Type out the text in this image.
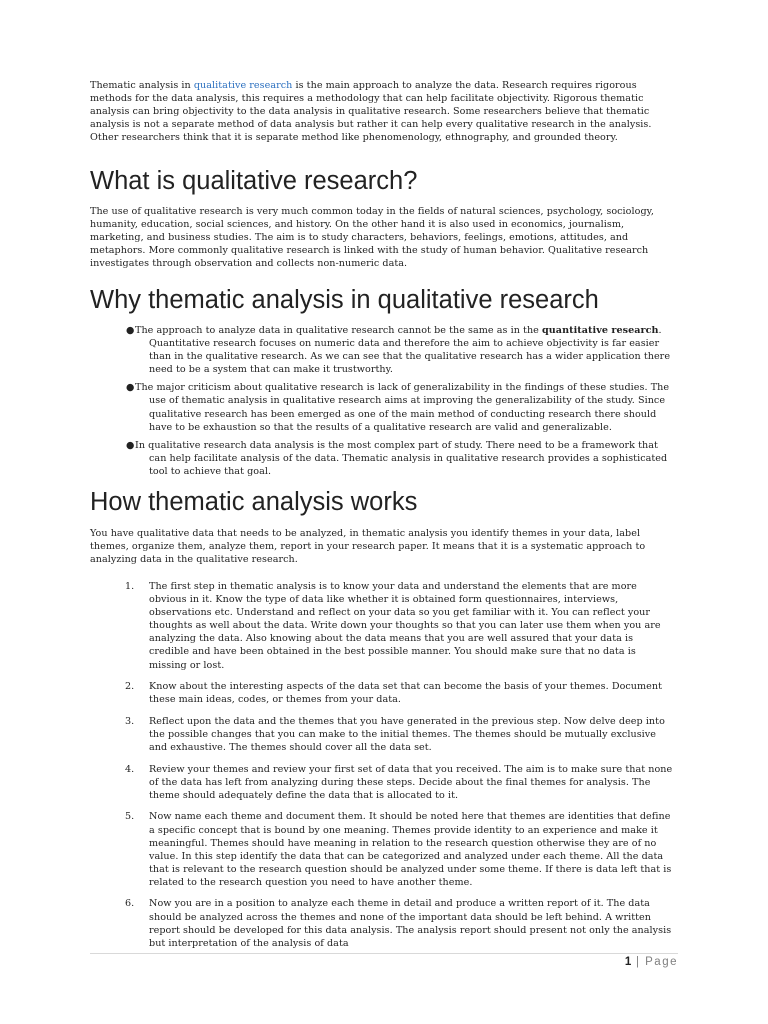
Thematic analysis in qualitative research is the main approach to analyze the data. Research requires rigorous methods for the data analysis, this requires a methodology that can help facilitate objectivity. Rigorous thematic analysis can bring objectivity to the data analysis in qualitative research. Some researchers believe that thematic analysis is not a separate method of data analysis but rather it can help every qualitative research in the analysis. Other researchers think that it is separate method like phenomenology, ethnography, and grounded theory.

What is qualitative research?

The use of qualitative research is very much common today in the fields of natural sciences, psychology, sociology, humanity, education, social sciences, and history. On the other hand it is also used in economics, journalism, marketing, and business studies. The aim is to study characters, behaviors, feelings, emotions, attitudes, and metaphors. More commonly qualitative research is linked with the study of human behavior. Qualitative research investigates through observation and collects non-numeric data.

Why thematic analysis in qualitative research
● The approach to analyze data in qualitative research cannot be the same as in the quantitative research. Quantitative research focuses on numeric data and therefore the aim to achieve objectivity is far easier than in the qualitative research. As we can see that the qualitative research has a wider application there need to be a system that can make it trustworthy.
● The major criticism about qualitative research is lack of generalizability in the findings of these studies. The use of thematic analysis in qualitative research aims at improving the generalizability of the study. Since qualitative research has been emerged as one of the main method of conducting research there should have to be exhaustion so that the results of a qualitative research are valid and generalizable.
● In qualitative research data analysis is the most complex part of study. There need to be a framework that can help facilitate analysis of the data. Thematic analysis in qualitative research provides a sophisticated tool to achieve that goal.
How thematic analysis works

You have qualitative data that needs to be analyzed, in thematic analysis you identify themes in your data, label themes, organize them, analyze them, report in your research paper. It means that it is a systematic approach to analyzing data in the qualitative research.

1. The first step in thematic analysis is to know your data and understand the elements that are more obvious in it. Know the type of data like whether it is obtained form questionnaires, interviews, observations etc. Understand and reflect on your data so you get familiar with it. You can reflect your thoughts as well about the data. Write down your thoughts so that you can later use them when you are analyzing the data. Also knowing about the data means that you are well assured that your data is credible and have been obtained in the best possible manner. You should make sure that no data is missing or lost.
2. Know about the interesting aspects of the data set that can become the basis of your themes. Document these main ideas, codes, or themes from your data.
3. Reflect upon the data and the themes that you have generated in the previous step. Now delve deep into the possible changes that you can make to the initial themes. The themes should be mutually exclusive and exhaustive. The themes should cover all the data set.
4. Review your themes and review your first set of data that you received. The aim is to make sure that none of the data has left from analyzing during these steps. Decide about the final themes for analysis. The theme should adequately define the data that is allocated to it.
5. Now name each theme and document them. It should be noted here that themes are identities that define a specific concept that is bound by one meaning. Themes provide identity to an experience and make it meaningful. Themes should have meaning in relation to the research question otherwise they are of no value. In this step identify the data that can be categorized and analyzed under each theme. All the data that is relevant to the research question should be analyzed under some theme. If there is data left that is related to the research question you need to have another theme.
6. Now you are in a position to analyze each theme in detail and produce a written report of it. The data should be analyzed across the themes and none of the important data should be left behind. A written report should be developed for this data analysis. The analysis report should present not only the analysis but interpretation of the analysis of data
1 | Page
